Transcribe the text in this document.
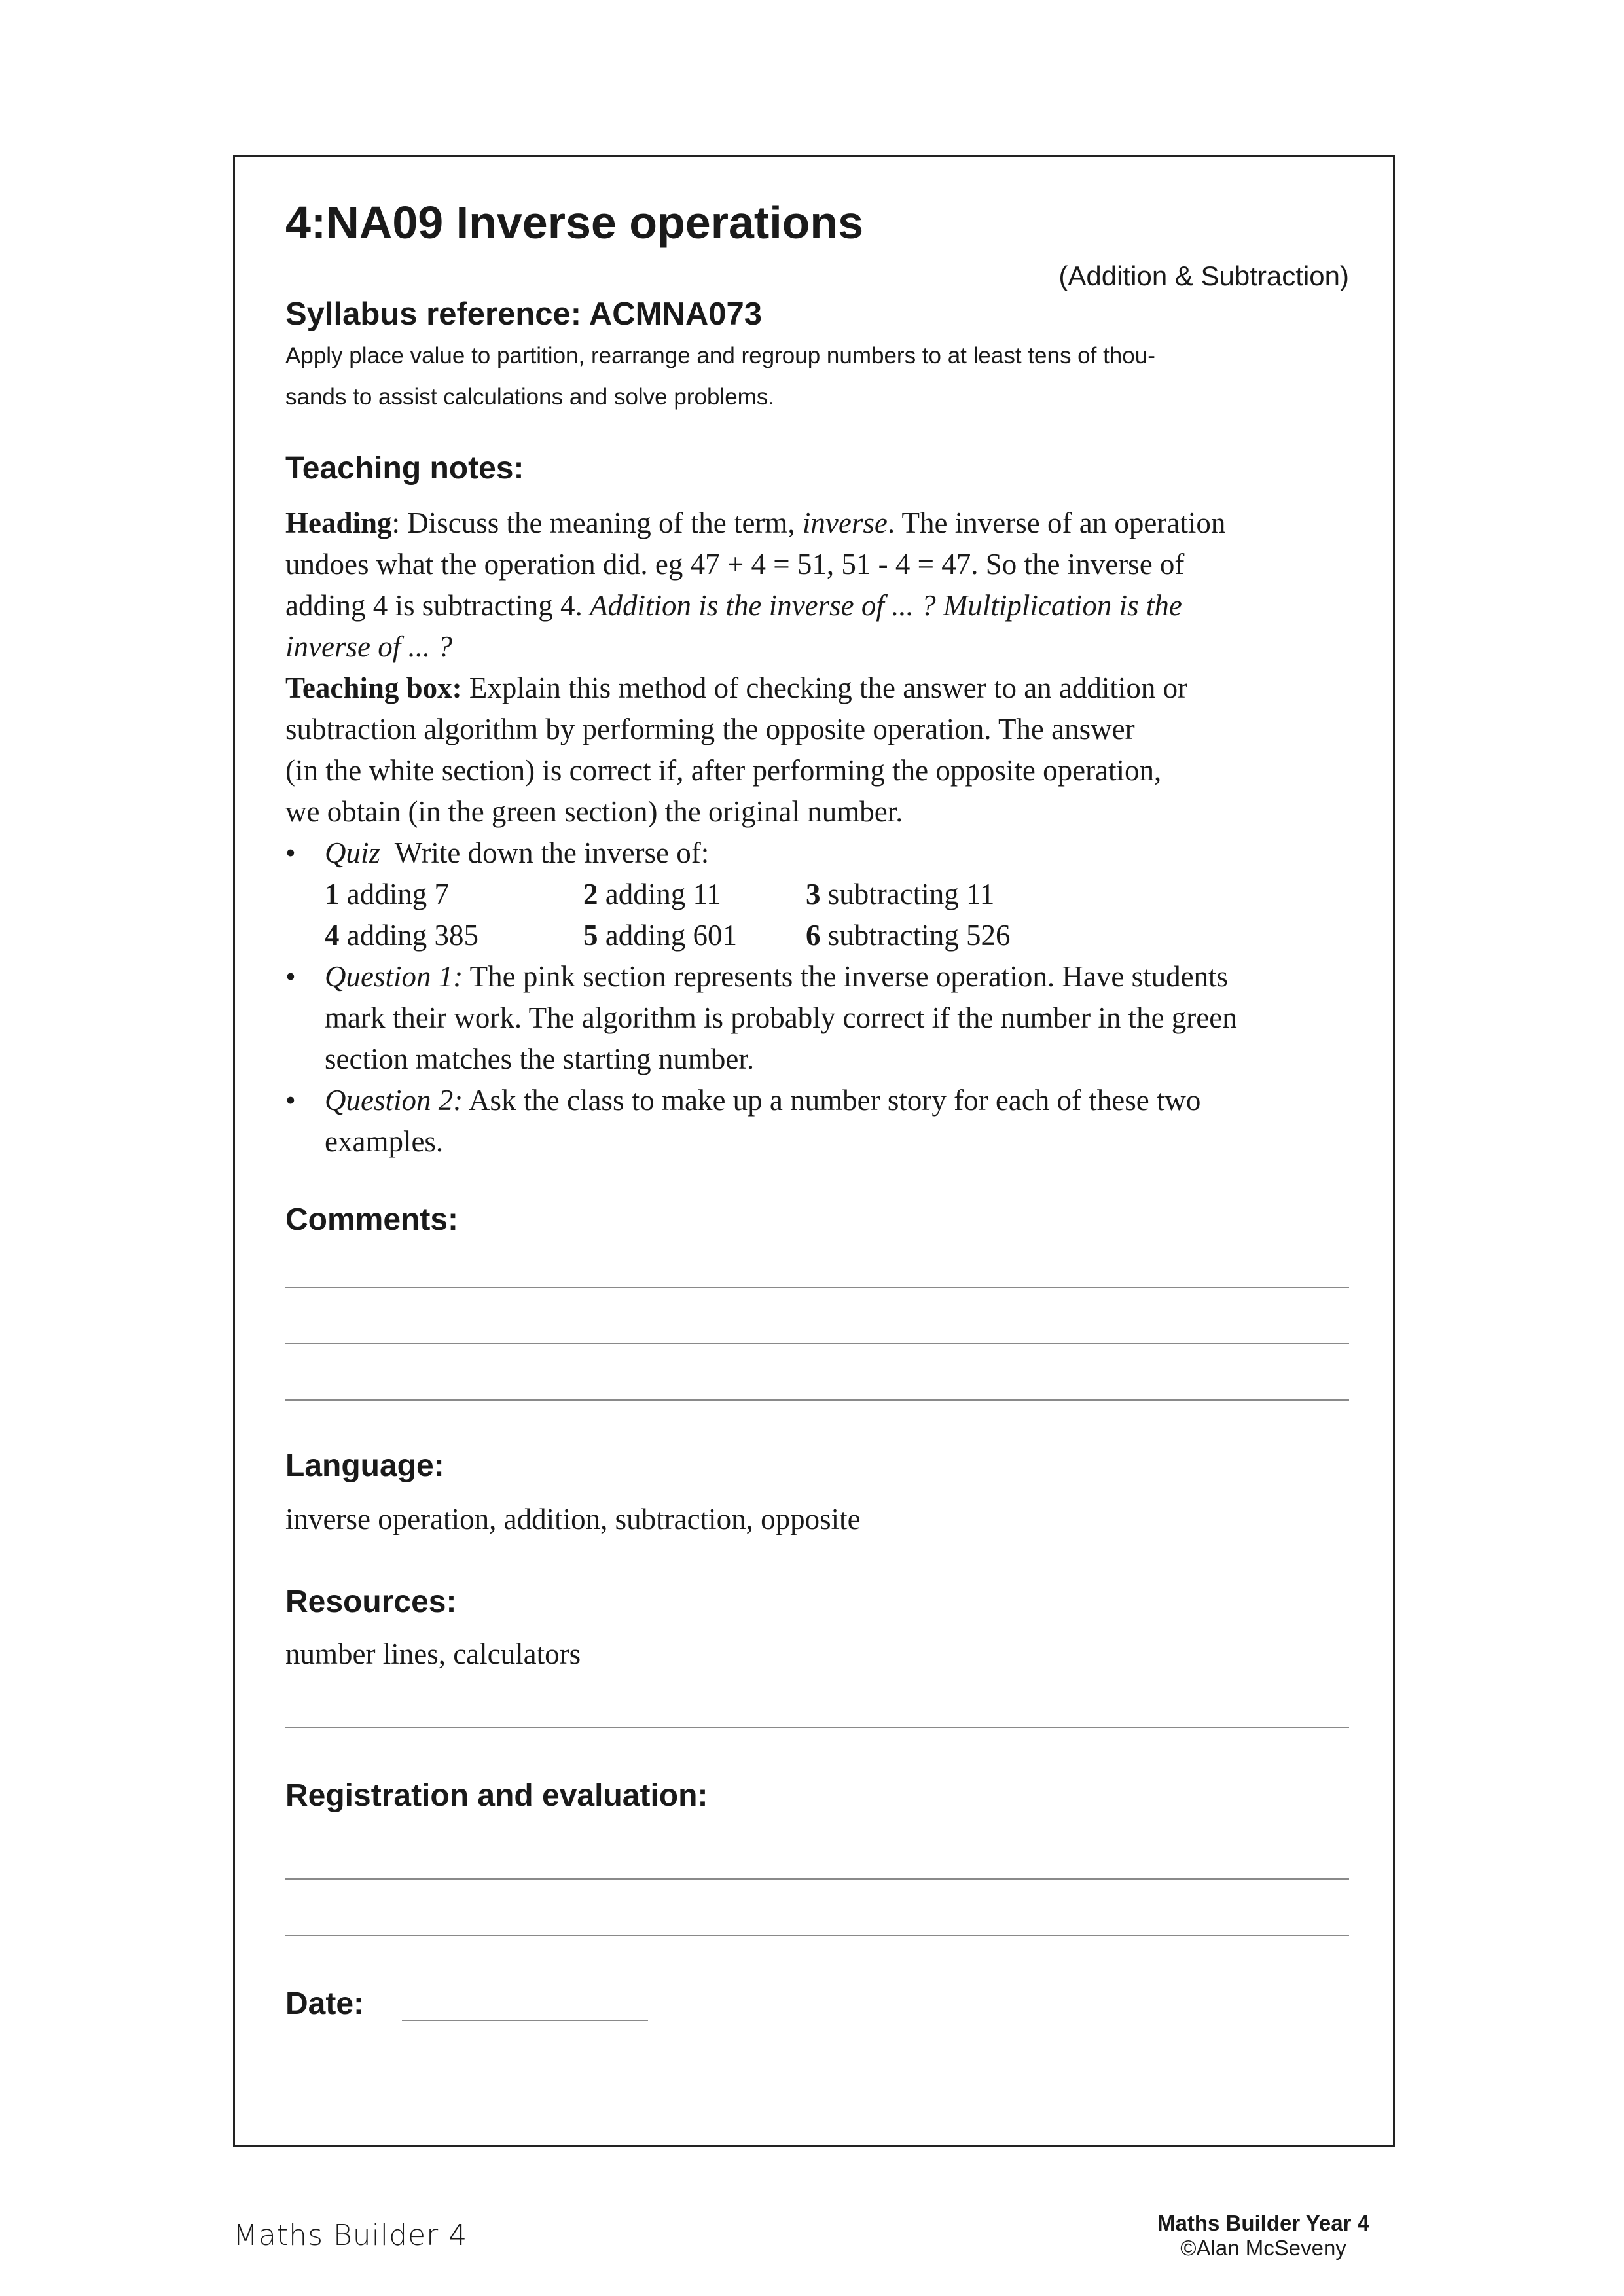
4:NA09 Inverse operations
(Addition & Subtraction)
Syllabus reference: ACMNA073
Apply place value to partition, rearrange and regroup numbers to at least tens of thou-
sands to assist calculations and solve problems.
Teaching notes:

Heading: Discuss the meaning of the term, inverse. The inverse of an operation

undoes what the operation did. eg 47 + 4 = 51, 51 - 4 = 47. So the inverse of

adding 4 is subtracting 4. Addition is the inverse of ... ? Multiplication is the

inverse of ... ?

Teaching box: Explain this method of checking the answer to an addition or

subtraction algorithm by performing the opposite operation. The answer

(in the white section) is correct if, after performing the opposite operation,

we obtain (in the green section) the original number.

• Quiz  Write down the inverse of:

1 adding 7	2 adding 11	3 subtracting 11

4 adding 385	5 adding 601 6 subtracting 526

• Question 1: The pink section represents the inverse operation. Have students

mark their work. The algorithm is probably correct if the number in the green

section matches the starting number.

• Question 2: Ask the class to make up a number story for each of these two

examples.

Comments:
Language:
inverse operation, addition, subtraction, opposite
Resources:
number lines, calculators
Registration and evaluation:
Date:
Maths Builder 4	Maths Builder Year 4
©Alan McSeveny
